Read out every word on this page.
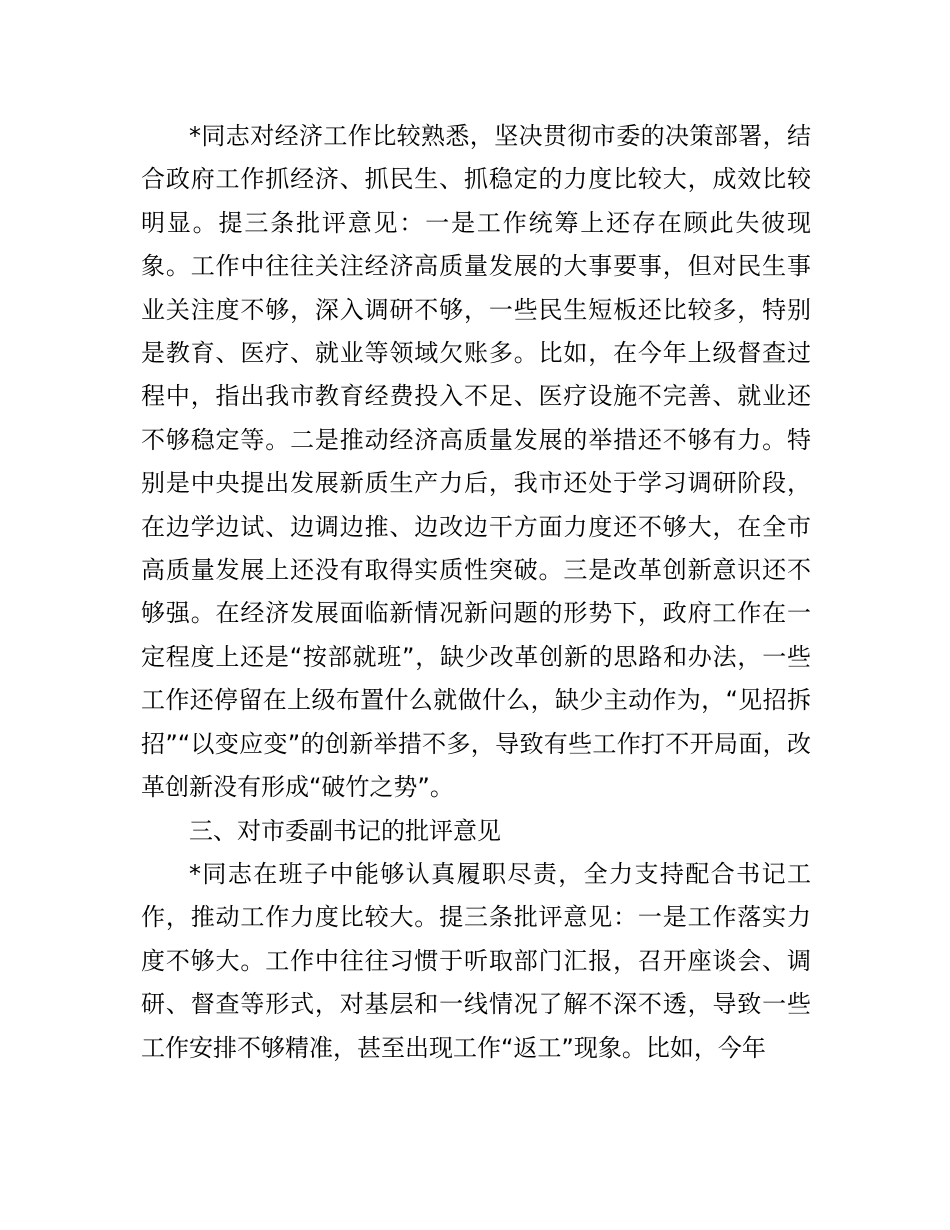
*同志对经济工作比较熟悉，坚决贯彻市委的决策部署，结合政府工作抓经济、抓民生、抓稳定的力度比较大，成效比较明显。提三条批评意见：一是工作统筹上还存在顾此失彼现象。工作中往往关注经济高质量发展的大事要事，但对民生事业关注度不够，深入调研不够，一些民生短板还比较多，特别是教育、医疗、就业等领域欠账多。比如，在今年上级督查过程中，指出我市教育经费投入不足、医疗设施不完善、就业还不够稳定等。二是推动经济高质量发展的举措还不够有力。特别是中央提出发展新质生产力后，我市还处于学习调研阶段，在边学边试、边调边推、边改边干方面力度还不够大，在全市高质量发展上还没有取得实质性突破。三是改革创新意识还不够强。在经济发展面临新情况新问题的形势下，政府工作在一定程度上还是“按部就班”，缺少改革创新的思路和办法，一些工作还停留在上级布置什么就做什么，缺少主动作为，“见招拆招”“以变应变”的创新举措不多，导致有些工作打不开局面，改革创新没有形成“破竹之势”。

三、对市委副书记的批评意见

*同志在班子中能够认真履职尽责，全力支持配合书记工作，推动工作力度比较大。提三条批评意见：一是工作落实力度不够大。工作中往往习惯于听取部门汇报，召开座谈会、调研、督查等形式，对基层和一线情况了解不深不透，导致一些工作安排不够精准，甚至出现工作“返工”现象。比如，今年
